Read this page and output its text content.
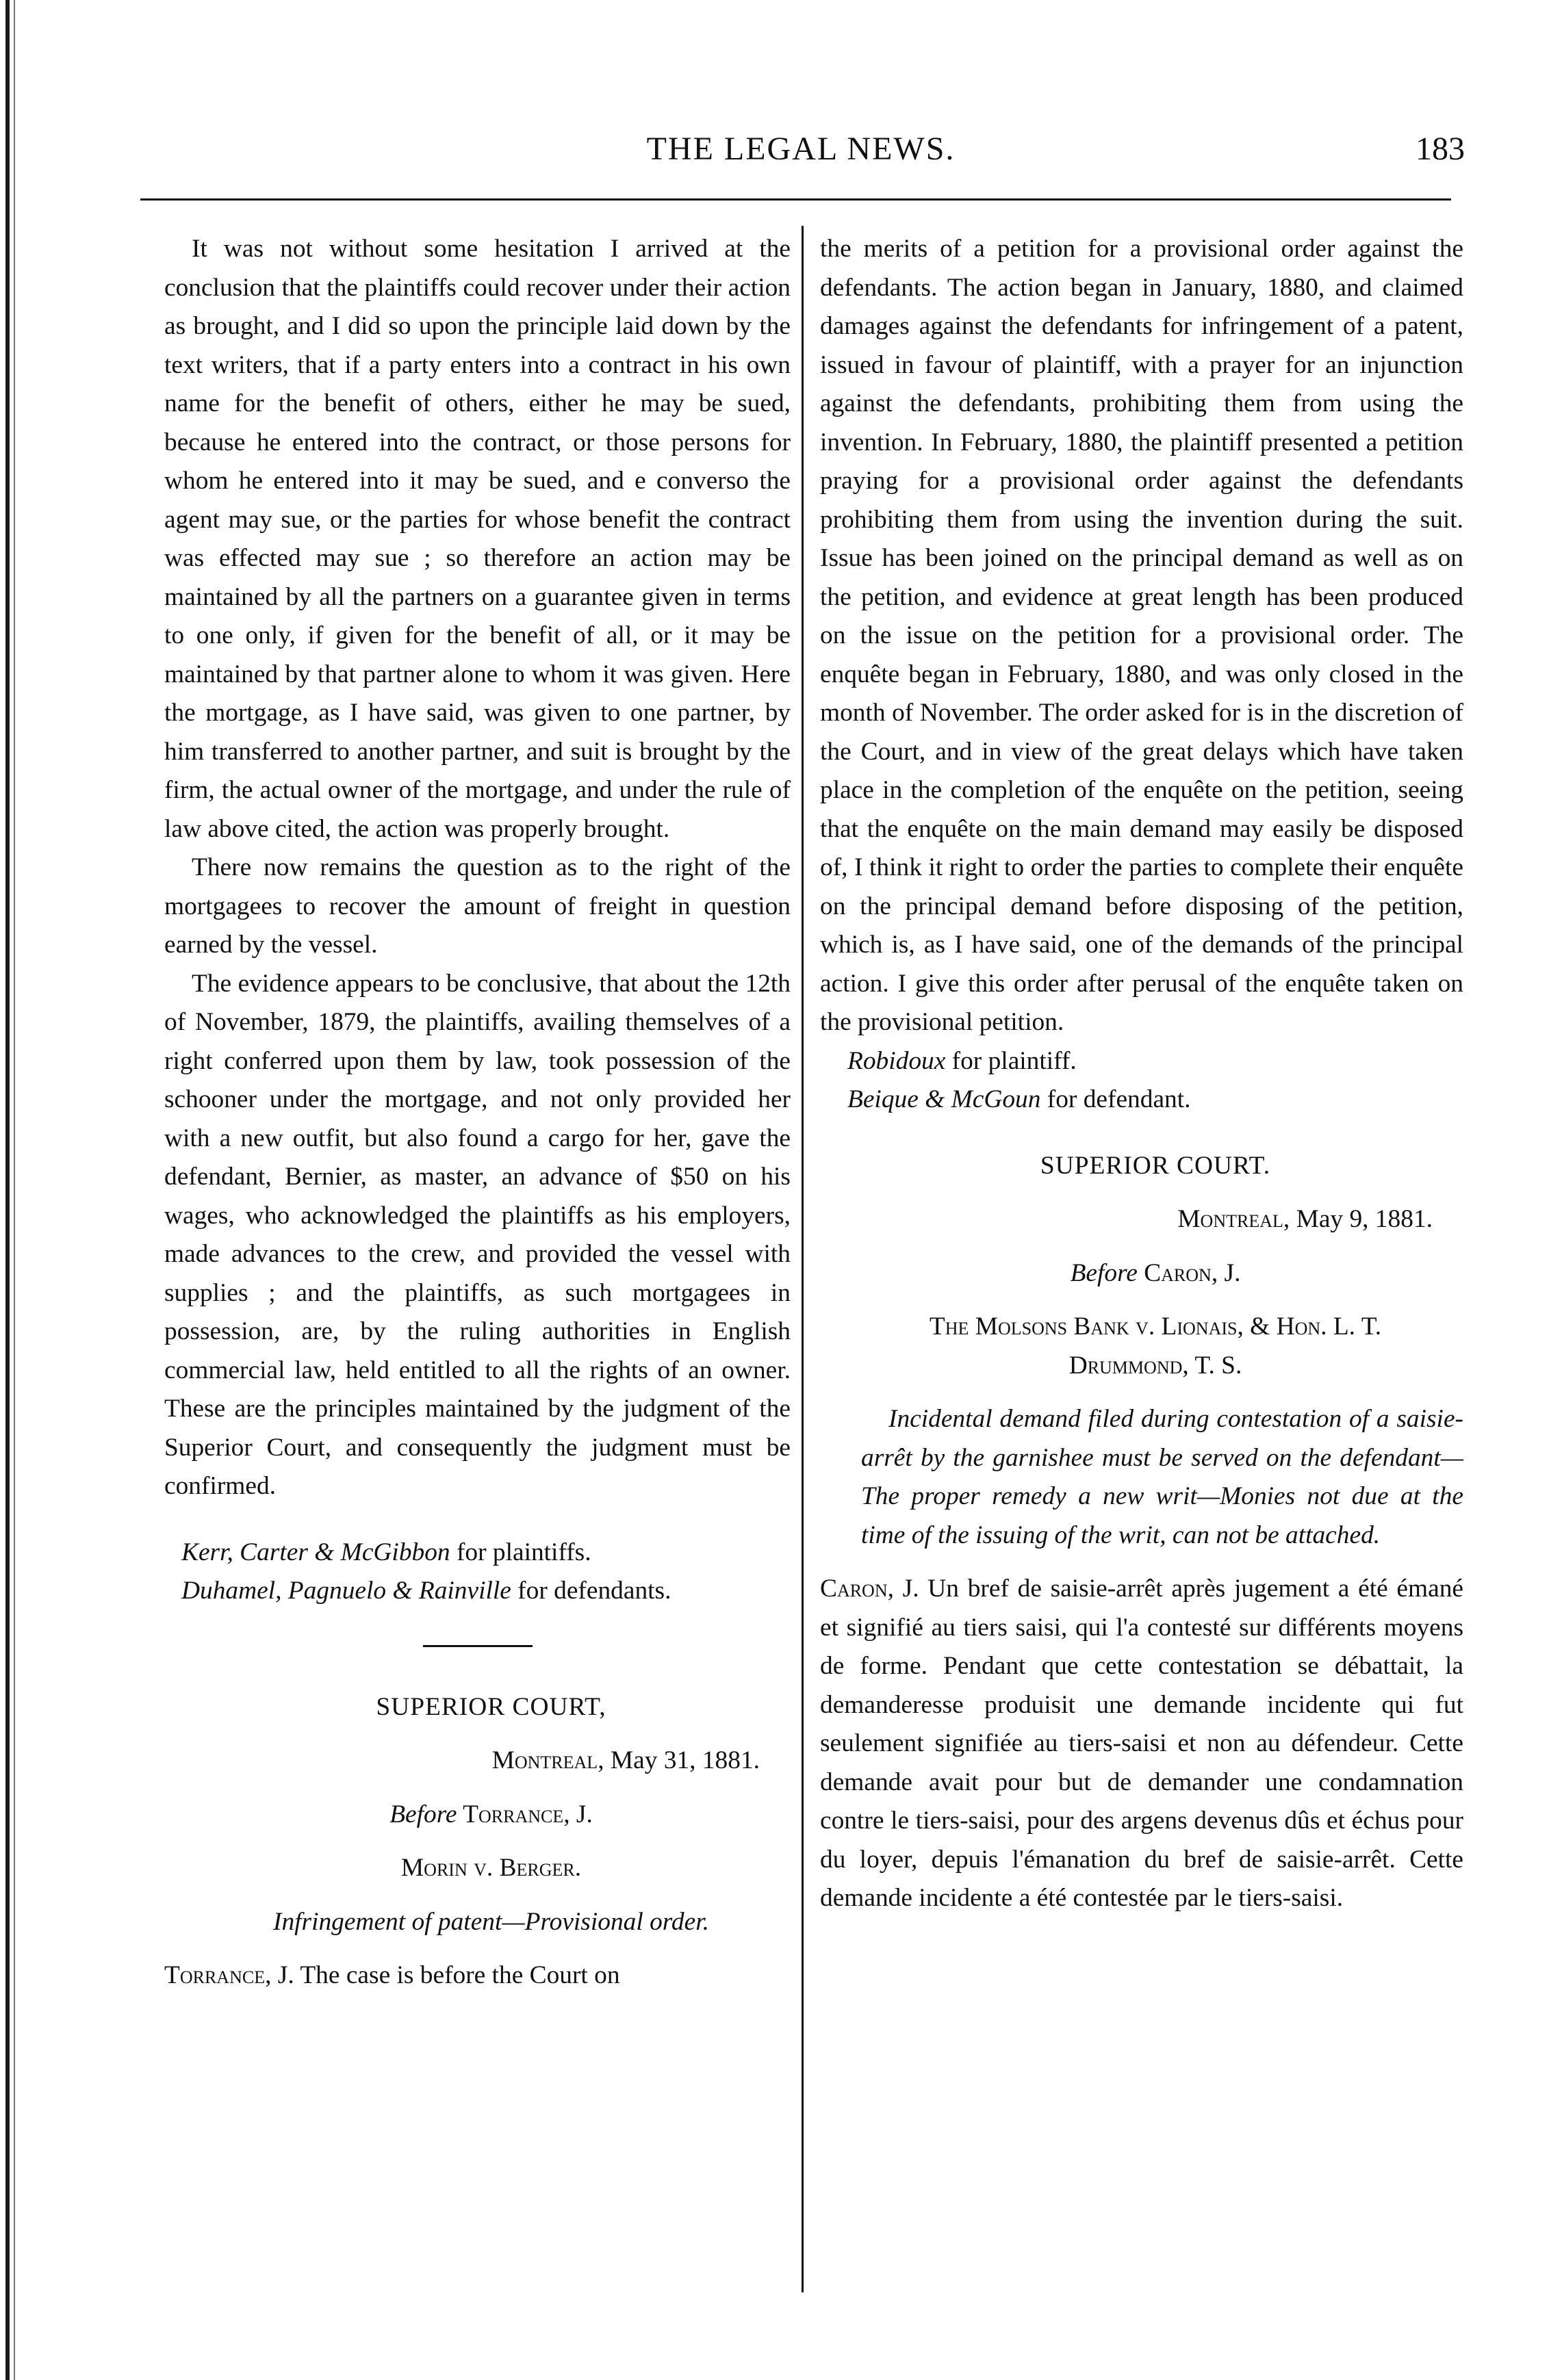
THE LEGAL NEWS.	183

It was not without some hesitation I arrived at the conclusion that the plaintiffs could recover under their action as brought, and I did so upon the principle laid down by the text writers, that if a party enters into a contract in his own name for the benefit of others, either he may be sued, because he entered into the contract, or those persons for whom he entered into it may be sued, and e converso the agent may sue, or the parties for whose benefit the contract was effected may sue ; so therefore an action may be maintained by all the partners on a guarantee given in terms to one only, if given for the benefit of all, or it may be maintained by that partner alone to whom it was given. Here the mortgage, as I have said, was given to one partner, by him transferred to another partner, and suit is brought by the firm, the actual owner of the mortgage, and under the rule of law above cited, the action was properly brought.

There now remains the question as to the right of the mortgagees to recover the amount of freight in question earned by the vessel.

The evidence appears to be conclusive, that about the 12th of November, 1879, the plaintiffs, availing themselves of a right conferred upon them by law, took possession of the schooner under the mortgage, and not only provided her with a new outfit, but also found a cargo for her, gave the defendant, Bernier, as master, an advance of $50 on his wages, who acknowledged the plaintiffs as his employers, made advances to the crew, and provided the vessel with supplies ; and the plaintiffs, as such mortgagees in possession, are, by the ruling authorities in English commercial law, held entitled to all the rights of an owner. These are the principles maintained by the judgment of the Superior Court, and consequently the judgment must be confirmed.

Kerr, Carter & McGibbon for plaintiffs.

Duhamel, Pagnuelo & Rainville for defendants.

SUPERIOR COURT,

Montreal, May 31, 1881.

Before Torrance, J.

Morin v. Berger.

Infringement of patent—Provisional order.

Torrance, J. The case is before the Court on

the merits of a petition for a provisional order against the defendants. The action began in January, 1880, and claimed damages against the defendants for infringement of a patent, issued in favour of plaintiff, with a prayer for an injunction against the defendants, prohibiting them from using the invention. In February, 1880, the plaintiff presented a petition praying for a provisional order against the defendants prohibiting them from using the invention during the suit. Issue has been joined on the principal demand as well as on the petition, and evidence at great length has been produced on the issue on the petition for a provisional order. The enquête began in February, 1880, and was only closed in the month of November. The order asked for is in the discretion of the Court, and in view of the great delays which have taken place in the completion of the enquête on the petition, seeing that the enquête on the main demand may easily be disposed of, I think it right to order the parties to complete their enquête on the principal demand before disposing of the petition, which is, as I have said, one of the demands of the principal action. I give this order after perusal of the enquête taken on the provisional petition.

Robidoux for plaintiff.

Beique & McGoun for defendant.

SUPERIOR COURT.

Montreal, May 9, 1881.

Before Caron, J.

The Molsons Bank v. Lionais, & Hon. L. T.

Drummond, T. S.

Incidental demand filed during contestation of a saisie-arrêt by the garnishee must be served on the defendant—The proper remedy a new writ—Monies not due at the time of the issuing of the writ, can not be attached.

Caron, J. Un bref de saisie-arrêt après jugement a été émané et signifié au tiers saisi, qui l'a contesté sur différents moyens de forme. Pendant que cette contestation se débattait, la demanderesse produisit une demande incidente qui fut seulement signifiée au tiers-saisi et non au défendeur. Cette demande avait pour but de demander une condamnation contre le tiers-saisi, pour des argens devenus dûs et échus pour du loyer, depuis l'émanation du bref de saisie-arrêt. Cette demande incidente a été contestée par le tiers-saisi.
